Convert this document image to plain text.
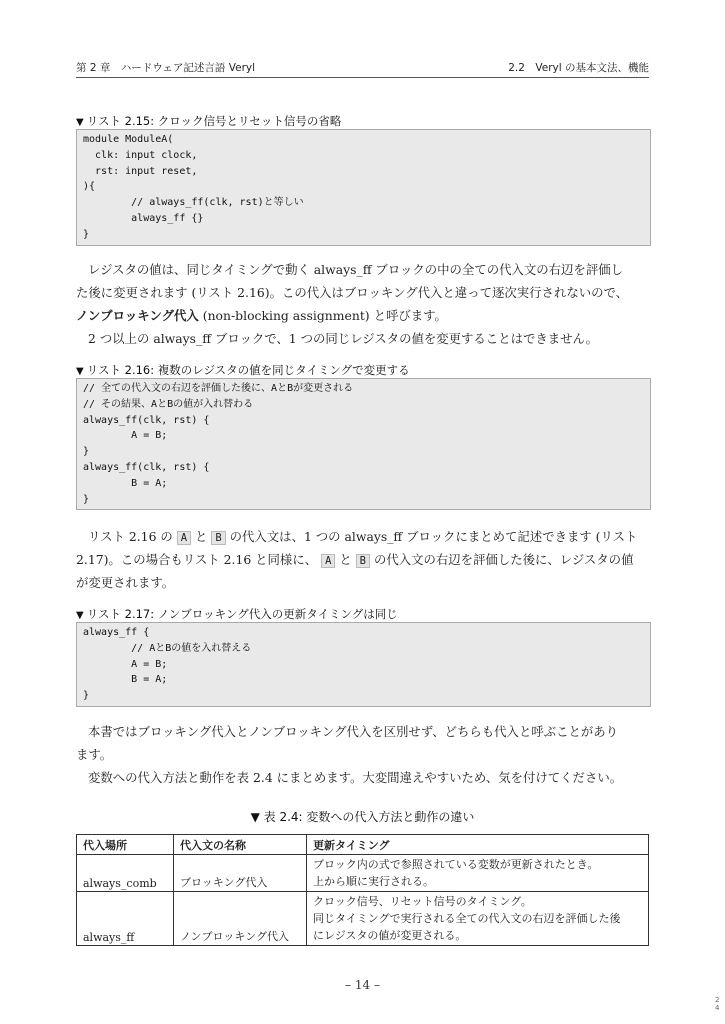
第 2 章　ハードウェア記述言語 Veryl	2.2　Veryl の基本文法、機能
▼ リスト 2.15: クロック信号とリセット信号の省略
module ModuleA(
clk: input clock,
rst: input reset,
){
// always_ff(clk, rst)と等しい
always_ff {}
}
レジスタの値は、同じタイミングで動く always_ff ブロックの中の全ての代入文の右辺を評価し
た後に変更されます (リスト 2.16)。この代入はブロッキング代入と違って逐次実行されないので、
ノンブロッキング代入 (non-blocking assignment) と呼びます。
2 つ以上の always_ff ブロックで、1 つの同じレジスタの値を変更することはできません。
▼ リスト 2.16: 複数のレジスタの値を同じタイミングで変更する
// 全ての代入文の右辺を評価した後に、AとBが変更される
// その結果、AとBの値が入れ替わる
always_ff(clk, rst) {
A = B;
}
always_ff(clk, rst) {
B = A;
}
リスト 2.16 の A と B の代入文は、1 つの always_ff ブロックにまとめて記述できます (リスト
2.17)。この場合もリスト 2.16 と同様に、 A と B の代入文の右辺を評価した後に、レジスタの値
が変更されます。
▼ リスト 2.17: ノンブロッキング代入の更新タイミングは同じ
always_ff {
// AとBの値を入れ替える
A = B;
B = A;
}
本書ではブロッキング代入とノンブロッキング代入を区別せず、どちらも代入と呼ぶことがあり
ます。
変数への代入方法と動作を表 2.4 にまとめます。大変間違えやすいため、気を付けてください。
▼ 表 2.4: 変数への代入方法と動作の違い
代入場所	代入文の名称	更新タイミング
always_comb	ブロッキング代入	ブロック内の式で参照されている変数が更新されたとき。
上から順に実行される。

always_ff	ノンブロッキング代入	クロック信号、リセット信号のタイミング。
同じタイミングで実行される全ての代入文の右辺を評価した後
にレジスタの値が変更される。
– 14 –
2
4
